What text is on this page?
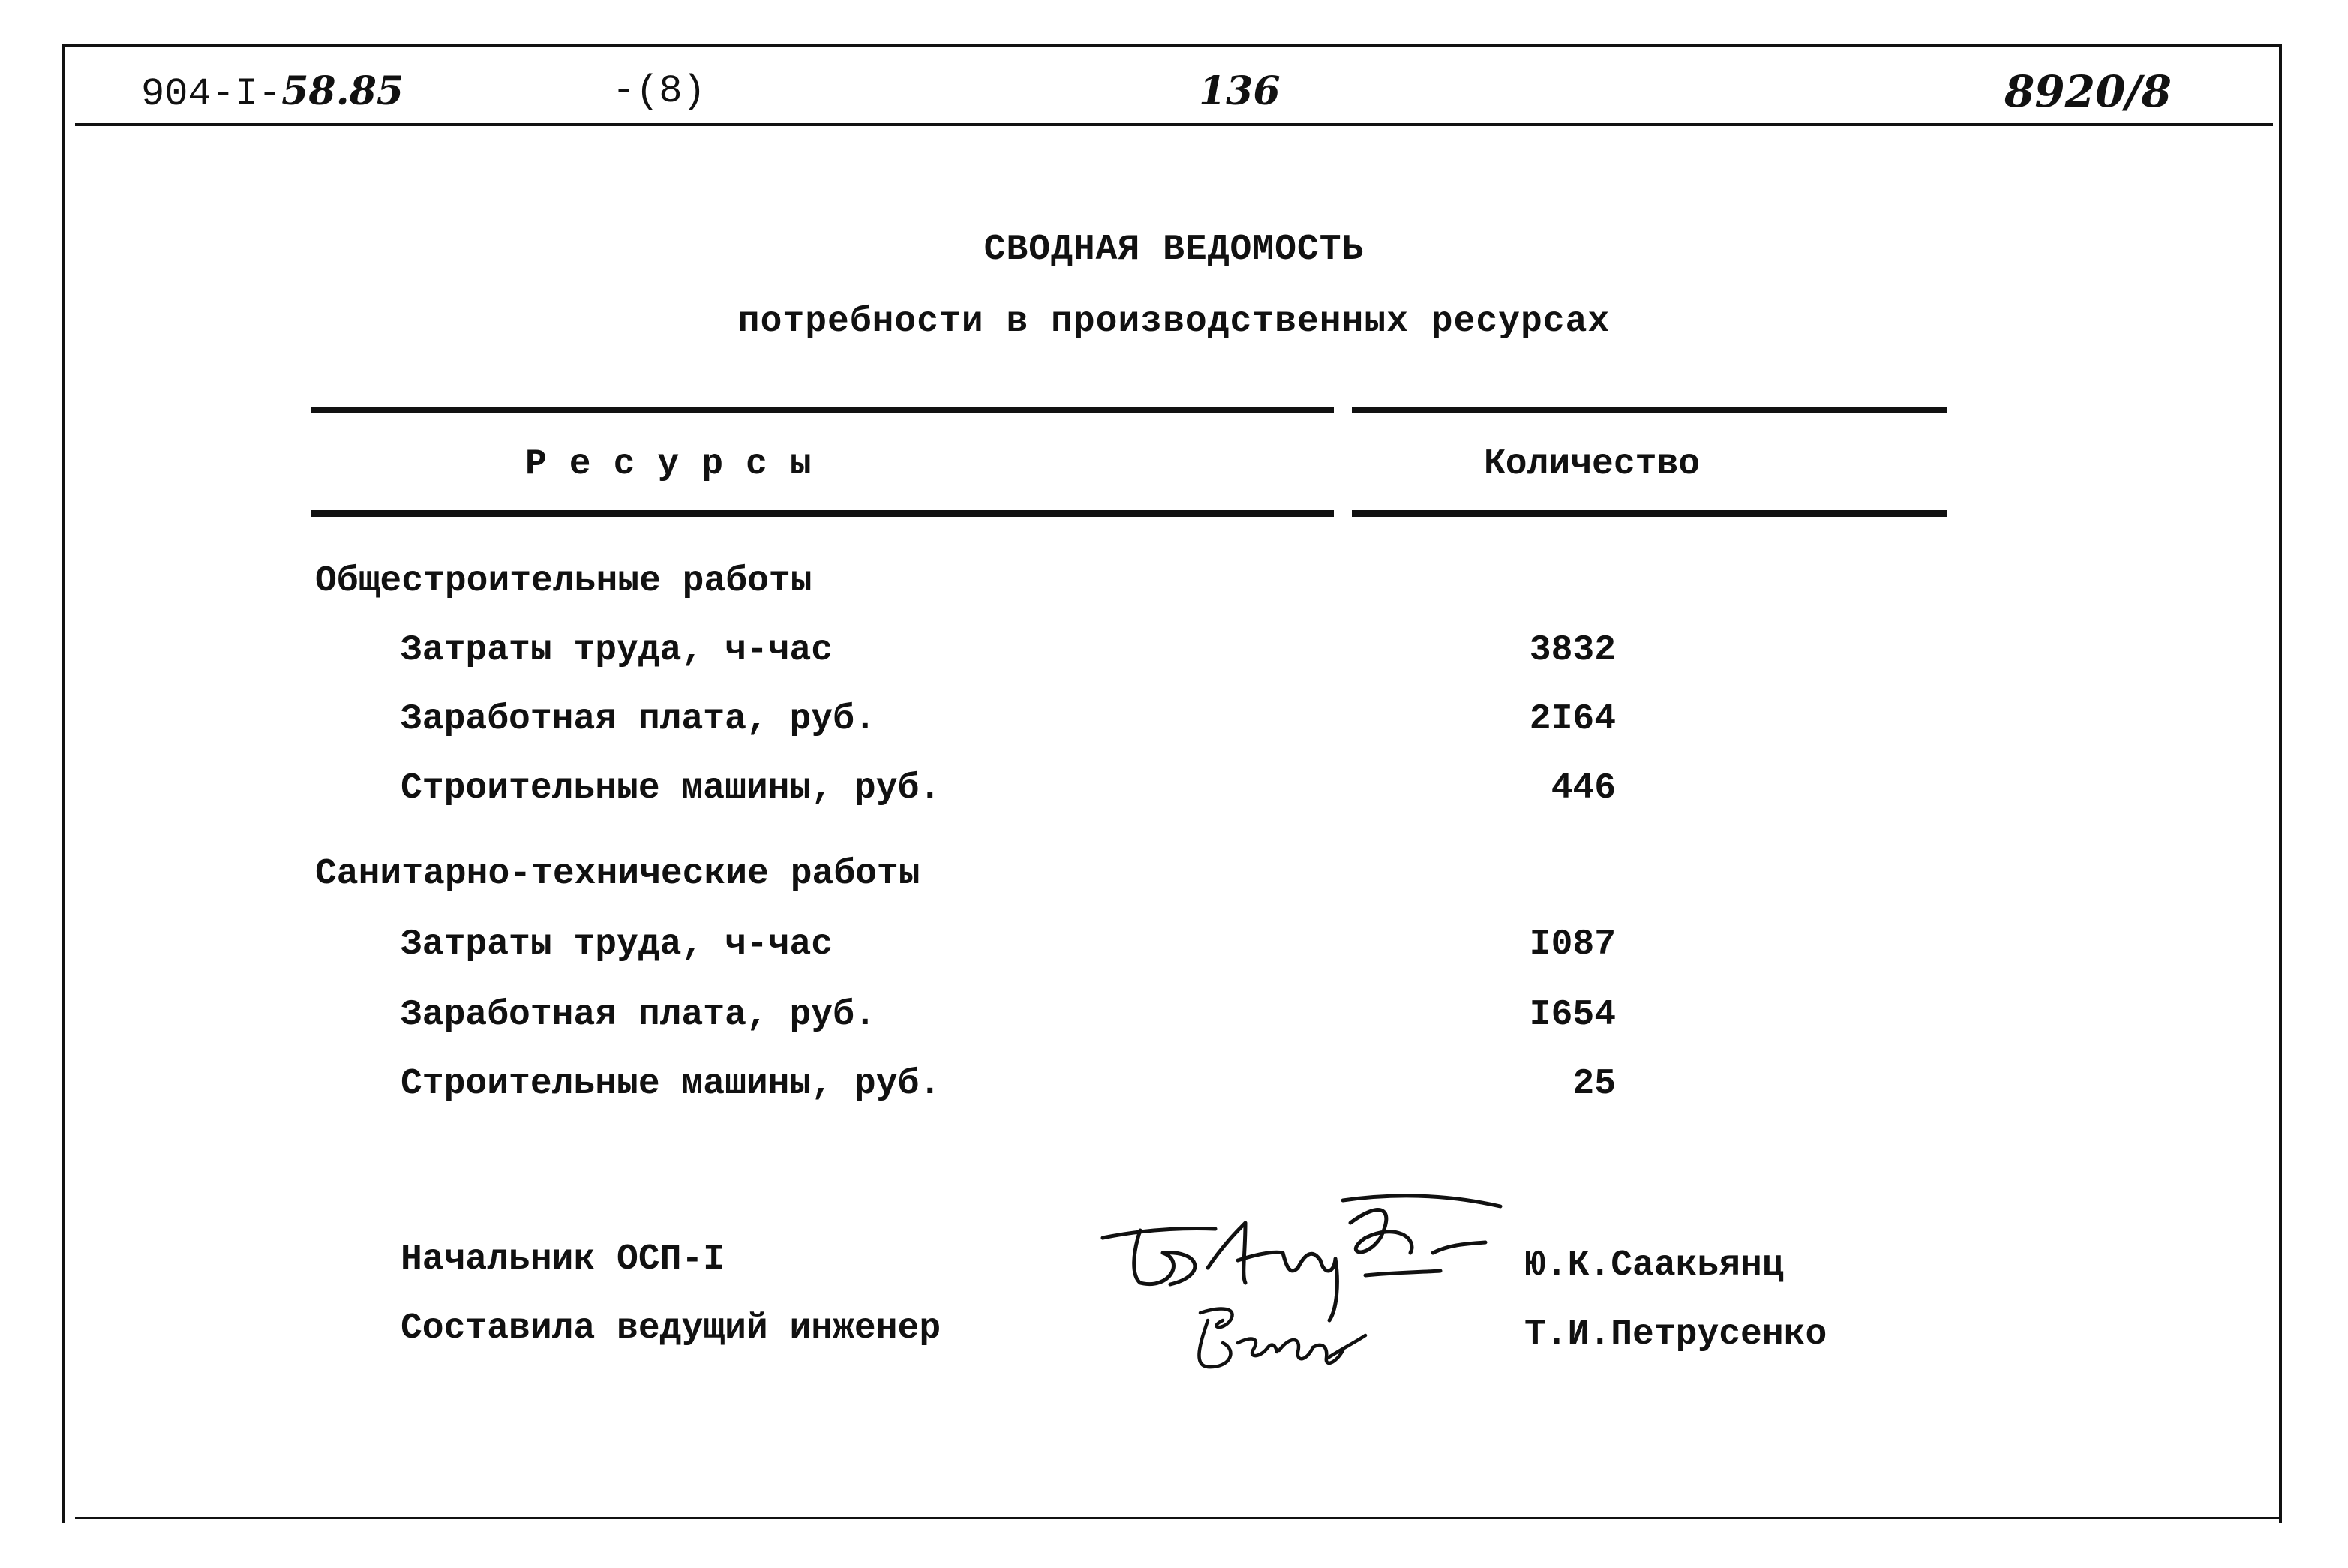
904-I-58.85	-(8)	136	8920/8
СВОДНАЯ ВЕДОМОСТЬ
потребности в производственных ресурсах
Ресурсы	Количество
Общестроительные работы
Затраты труда, ч-час	3832
Заработная плата, руб.	2I64
Строительные машины, руб.	446
Санитарно-технические работы
Затраты труда, ч-час	I087
Заработная плата, руб.	I654
Строительные машины, руб.	25
Начальник ОСП-I	Ю.К.Саакьянц
Составила ведущий инженер	Т.И.Петрусенко
